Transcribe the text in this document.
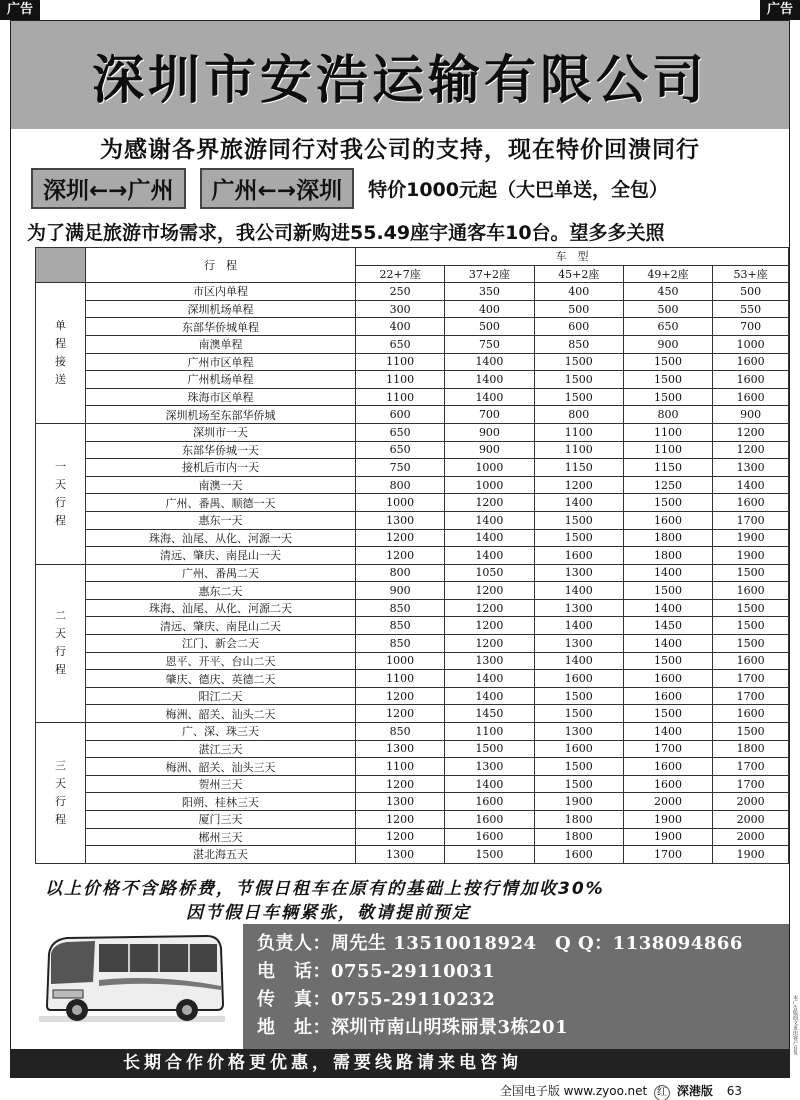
广告	广告
深圳市安浩运输有限公司
为感谢各界旅游同行对我公司的支持，现在特价回溃同行
深圳←→广州	广州←→深圳	特价1000元起（大巴单送，全包）
为了满足旅游市场需求，我公司新购进55.49座宇通客车10台。望多多关照
	行　程	车　型				
		22+7座	37+2座	45+2座	49+2座	53+座

单
程
接
送	市区内单程	250	350	400	450	500
	深圳机场单程	300	400	500	500	550
	东部华侨城单程	400	500	600	650	700
	南澳单程	650	750	850	900	1000
	广州市区单程	1100	1400	1500	1500	1600
	广州机场单程	1100	1400	1500	1500	1600
	珠海市区单程	1100	1400	1500	1500	1600
	深圳机场至东部华侨城	600	700	800	800	900

一
天
行
程	深圳市一天	650	900	1100	1100	1200
	东部华侨城一天	650	900	1100	1100	1200
	接机后市内一天	750	1000	1150	1150	1300
	南澳一天	800	1000	1200	1250	1400
	广州、番禺、顺德一天	1000	1200	1400	1500	1600
	惠东一天	1300	1400	1500	1600	1700
	珠海、汕尾、从化、河源一天	1200	1400	1500	1800	1900
	清远、肇庆、南昆山一天	1200	1400	1600	1800	1900

二
天
行
程	广州、番禺二天	800	1050	1300	1400	1500
	惠东二天	900	1200	1400	1500	1600
	珠海、汕尾、从化、河源二天	850	1200	1300	1400	1500
	清远、肇庆、南昆山二天	850	1200	1400	1450	1500
	江门、新会二天	850	1200	1300	1400	1500
	恩平、开平、台山二天	1000	1300	1400	1500	1600
	肇庆、德庆、英德二天	1100	1400	1600	1600	1700
	阳江二天	1200	1400	1500	1600	1700
	梅洲、韶关、汕头二天	1200	1450	1500	1500	1600

三
天
行
程	广、深、珠三天	850	1100	1300	1400	1500
	湛江三天	1300	1500	1600	1700	1800
	梅洲、韶关、汕头三天	1100	1300	1500	1600	1700
	贺州三天	1200	1400	1500	1600	1700
	阳朔、桂林三天	1300	1600	1900	2000	2000
	厦门三天	1200	1600	1800	1900	2000
	郴州三天	1200	1600	1800	1900	2000
	湛北海五天	1300	1500	1600	1700	1900
以上价格不含路桥费，节假日租车在原有的基础上按行情加收30%
因节假日车辆紧张，敬请提前预定
负责人：周先生 13510018924　Q Q：1138094866
电　话：0755-29110031
传　真：0755-29110232
地　址：深圳市南山明珠丽景3栋201
长期合作价格更优惠，需要线路请来电咨询
本广告版面文责由客户自负
全国电子版 www.zyoo.net 红 深港版 63
